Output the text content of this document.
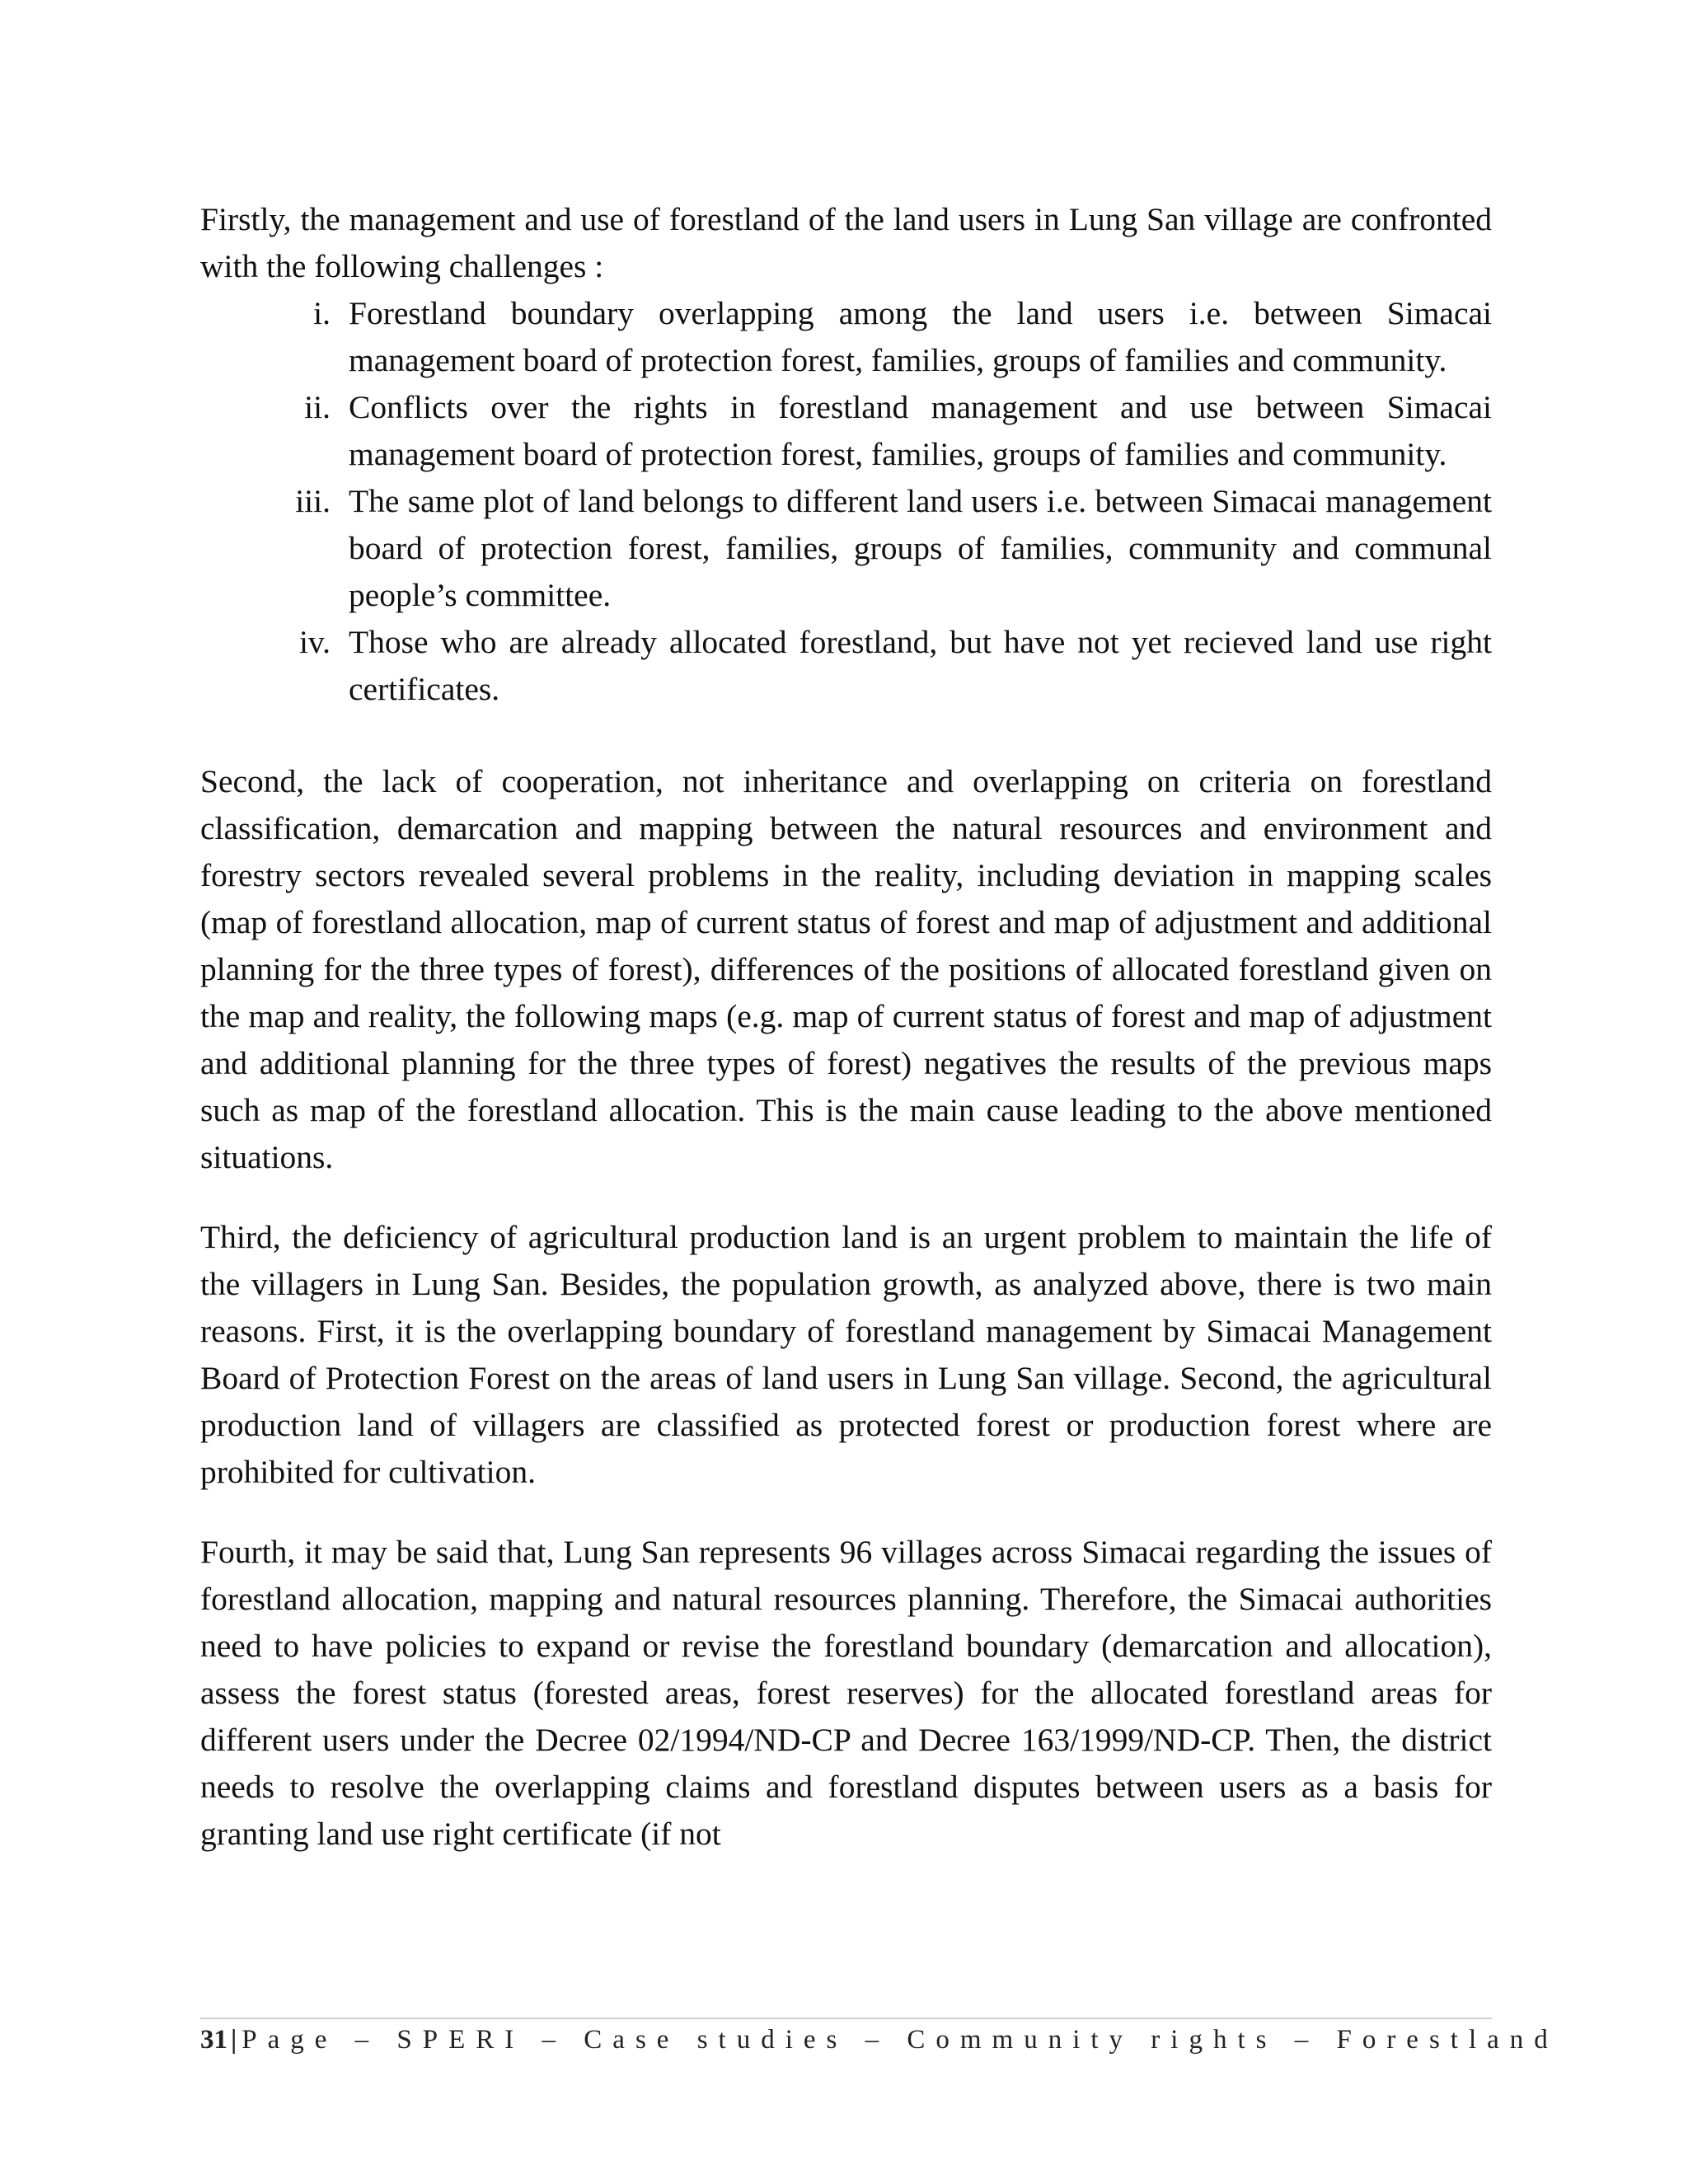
Firstly, the management and use of forestland of the land users in Lung San village are confronted with the following challenges :

i. Forestland boundary overlapping among the land users i.e. between Simacai management board of protection forest, families, groups of families and community.
ii. Conflicts over the rights in forestland management and use between Simacai management board of protection forest, families, groups of families and community.
iii. The same plot of land belongs to different land users i.e. between Simacai management board of protection forest, families, groups of families, community and communal people’s committee.
iv. Those who are already allocated forestland, but have not yet recieved land use right certificates.

Second, the lack of cooperation, not inheritance and overlapping on criteria on forestland classification, demarcation and mapping between the natural resources and environment and forestry sectors revealed several problems in the reality, including deviation in mapping scales (map of forestland allocation, map of current status of forest and map of adjustment and additional planning for the three types of forest), differences of the positions of allocated forestland given on the map and reality, the following maps (e.g. map of current status of forest and map of adjustment and additional planning for the three types of forest) negatives the results of the previous maps such as map of the forestland allocation. This is the main cause leading to the above mentioned situations.

Third, the deficiency of agricultural production land is an urgent problem to maintain the life of the villagers in Lung San. Besides, the population growth, as analyzed above, there is two main reasons. First, it is the overlapping boundary of forestland management by Simacai Management Board of Protection Forest on the areas of land users in Lung San village. Second, the agricultural production land of villagers are classified as protected forest or production forest where are prohibited for cultivation.

Fourth, it may be said that, Lung San represents 96 villages across Simacai regarding the issues of forestland allocation, mapping and natural resources planning. Therefore, the Simacai authorities need to have policies to expand or revise the forestland boundary (demarcation and allocation), assess the forest status (forested areas, forest reserves) for the allocated forestland areas for different users under the Decree 02/1994/ND-CP and Decree 163/1999/ND-CP. Then, the district needs to resolve the overlapping claims and forestland disputes between users as a basis for granting land use right certificate (if not

31 | Page – SPERI – Case studies – Community rights – Forestland
